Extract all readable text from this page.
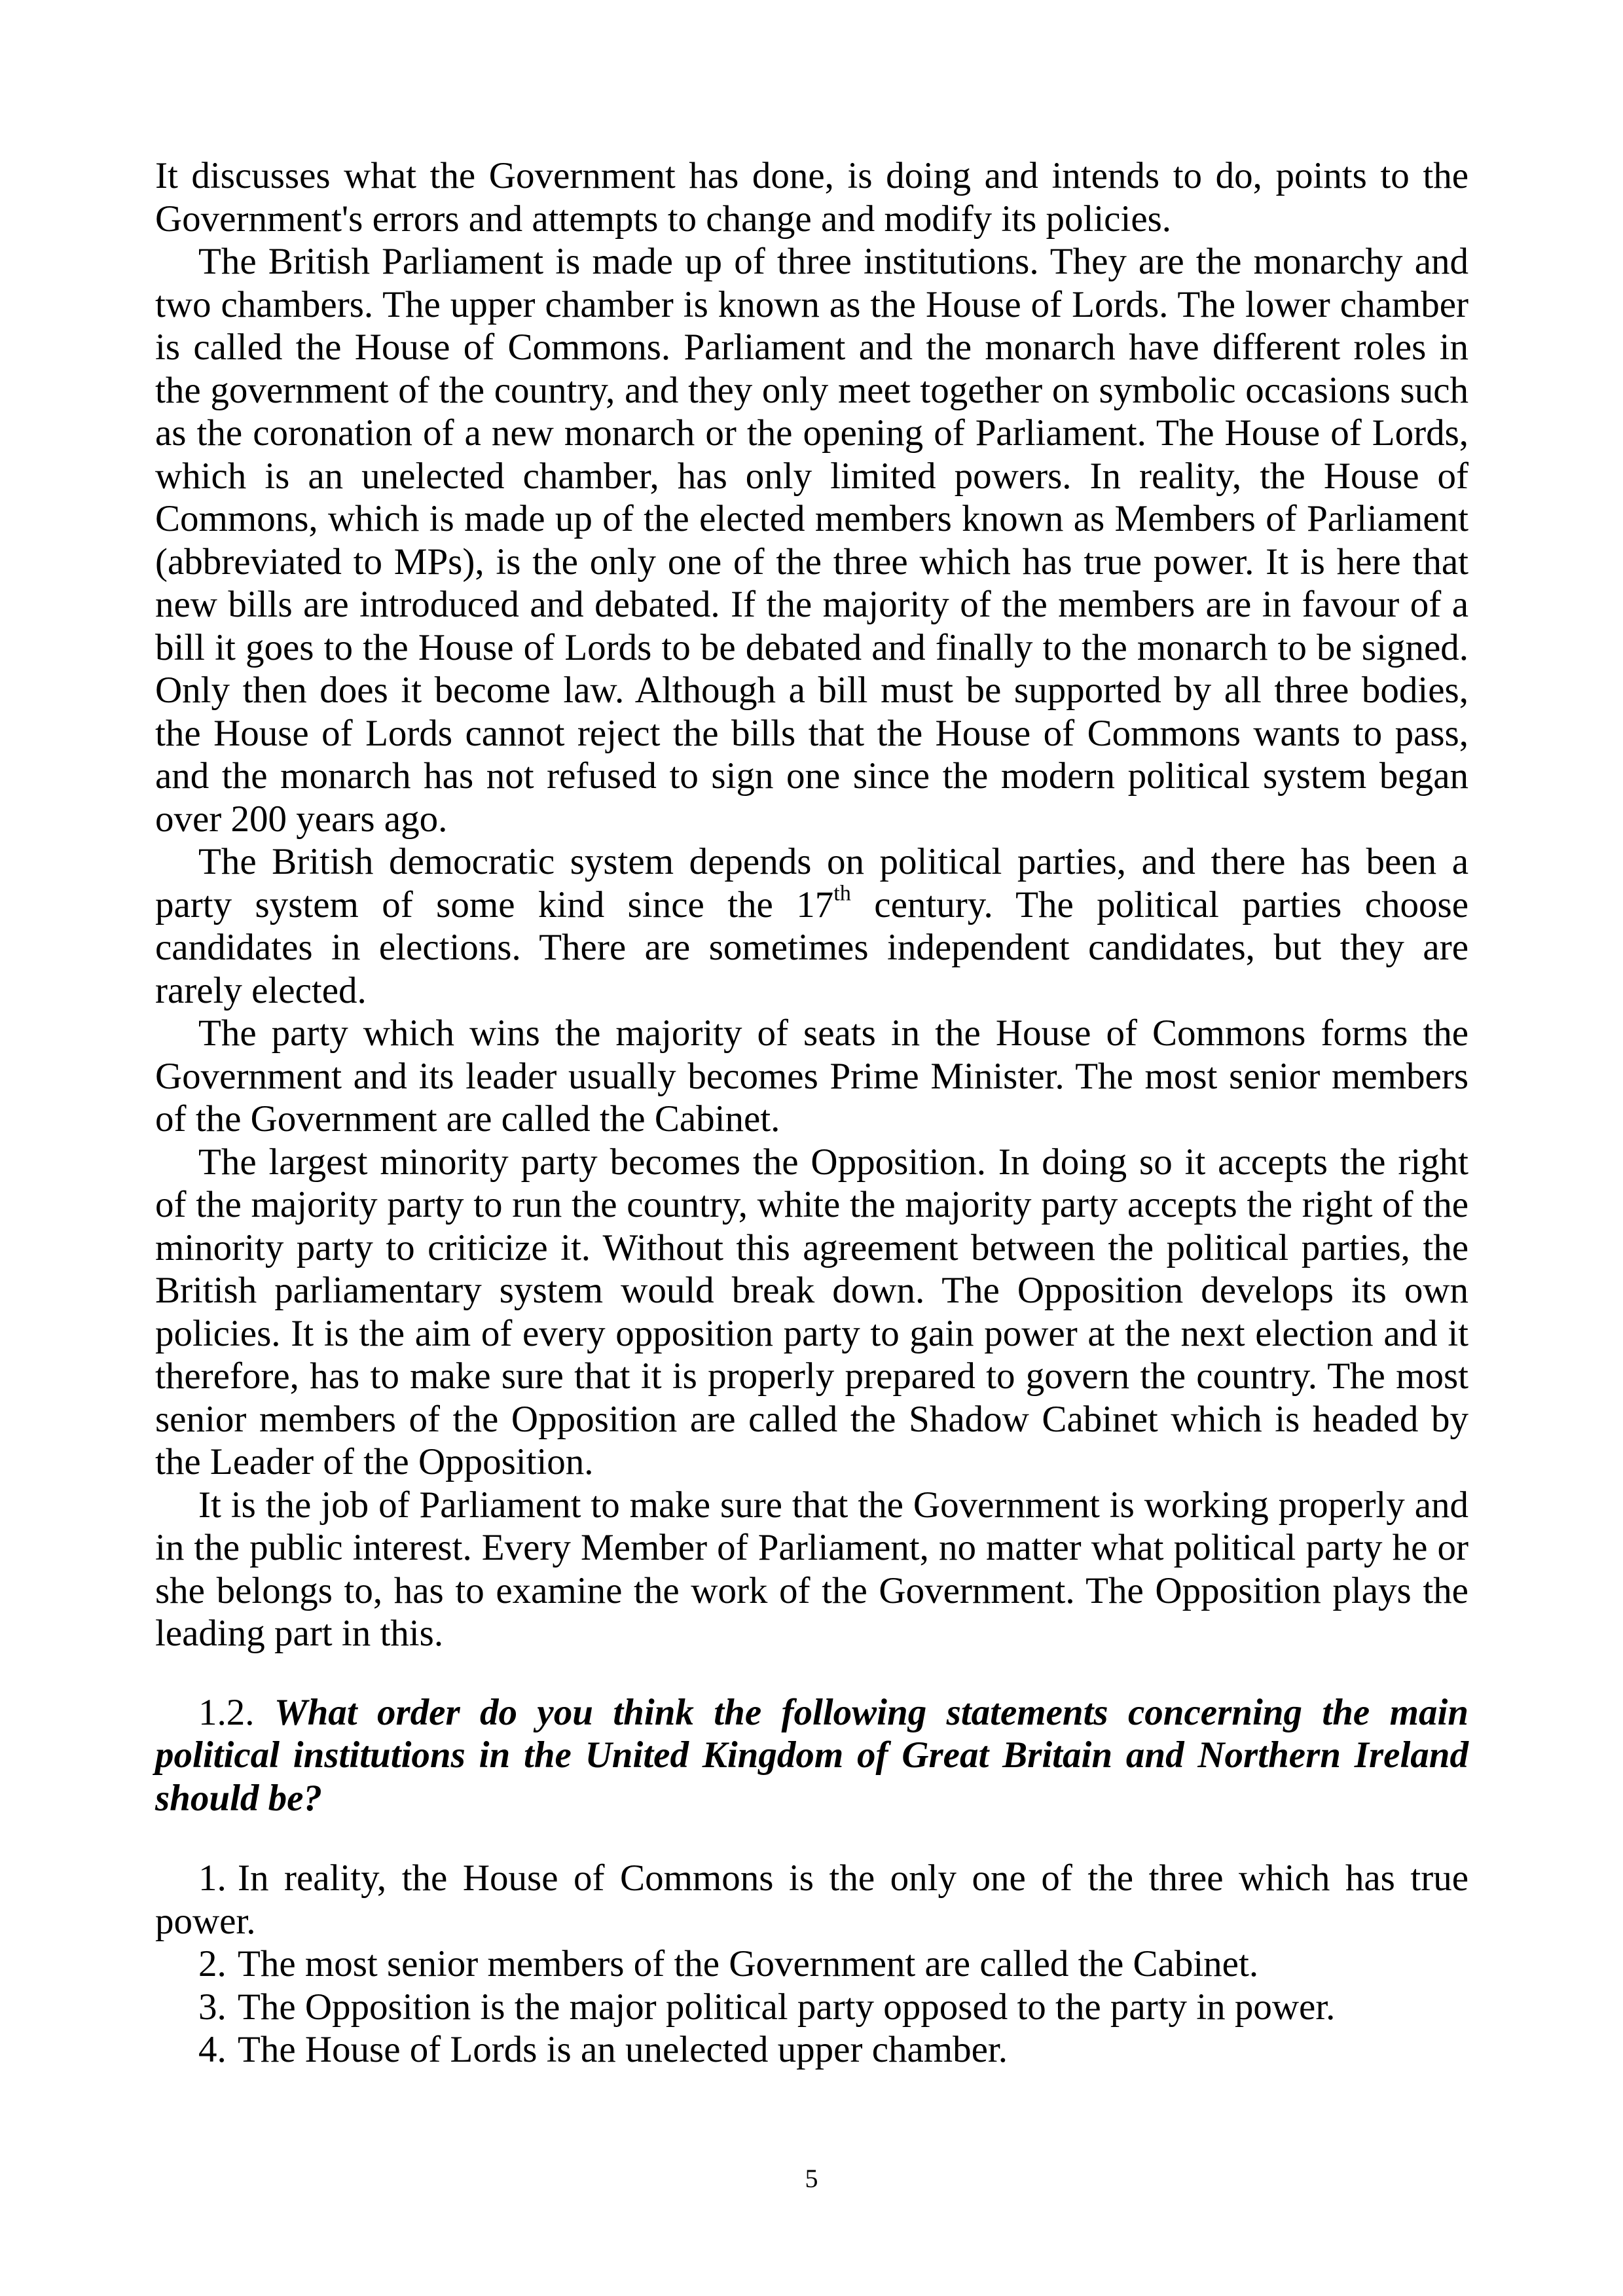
It discusses what the Government has done, is doing and intends to do, points to the Government's errors and attempts to change and modify its policies.

The British Parliament is made up of three institutions. They are the monarchy and two chambers. The upper chamber is known as the House of Lords. The lower chamber is called the House of Commons. Parliament and the monarch have different roles in the government of the country, and they only meet together on symbolic occasions such as the coronation of a new monarch or the opening of Parliament. The House of Lords, which is an unelected chamber, has only limited powers. In reality, the House of Commons, which is made up of the elected members known as Members of Parliament (abbreviated to MPs), is the only one of the three which has true power. It is here that new bills are introduced and debated. If the majority of the members are in favour of a bill it goes to the House of Lords to be debated and finally to the monarch to be signed. Only then does it become law. Although a bill must be supported by all three bodies, the House of Lords cannot reject the bills that the House of Commons wants to pass, and the monarch has not refused to sign one since the modern political system began over 200 years ago.

The British democratic system depends on political parties, and there has been a party system of some kind since the 17th century. The political parties choose candidates in elections. There are sometimes independent candidates, but they are rarely elected.

The party which wins the majority of seats in the House of Commons forms the Government and its leader usually becomes Prime Minister. The most senior members of the Government are called the Cabinet.

The largest minority party becomes the Opposition. In doing so it accepts the right of the majority party to run the country, white the majority party accepts the right of the minority party to criticize it. Without this agreement between the political parties, the British parliamentary system would break down. The Opposition develops its own policies. It is the aim of every opposition party to gain power at the next election and it therefore, has to make sure that it is properly prepared to govern the country. The most senior members of the Opposition are called the Shadow Cabinet which is headed by the Leader of the Opposition.

It is the job of Parliament to make sure that the Government is working properly and in the public interest. Every Member of Parliament, no matter what political party he or she belongs to, has to examine the work of the Government. The Opposition plays the leading part in this.

1.2. What order do you think the following statements concerning the main political institutions in the United Kingdom of Great Britain and Northern Ireland should be?

1. In reality, the House of Commons is the only one of the three which has true power.

2. The most senior members of the Government are called the Cabinet.

3. The Opposition is the major political party opposed to the party in power.

4. The House of Lords is an unelected upper chamber.

5
